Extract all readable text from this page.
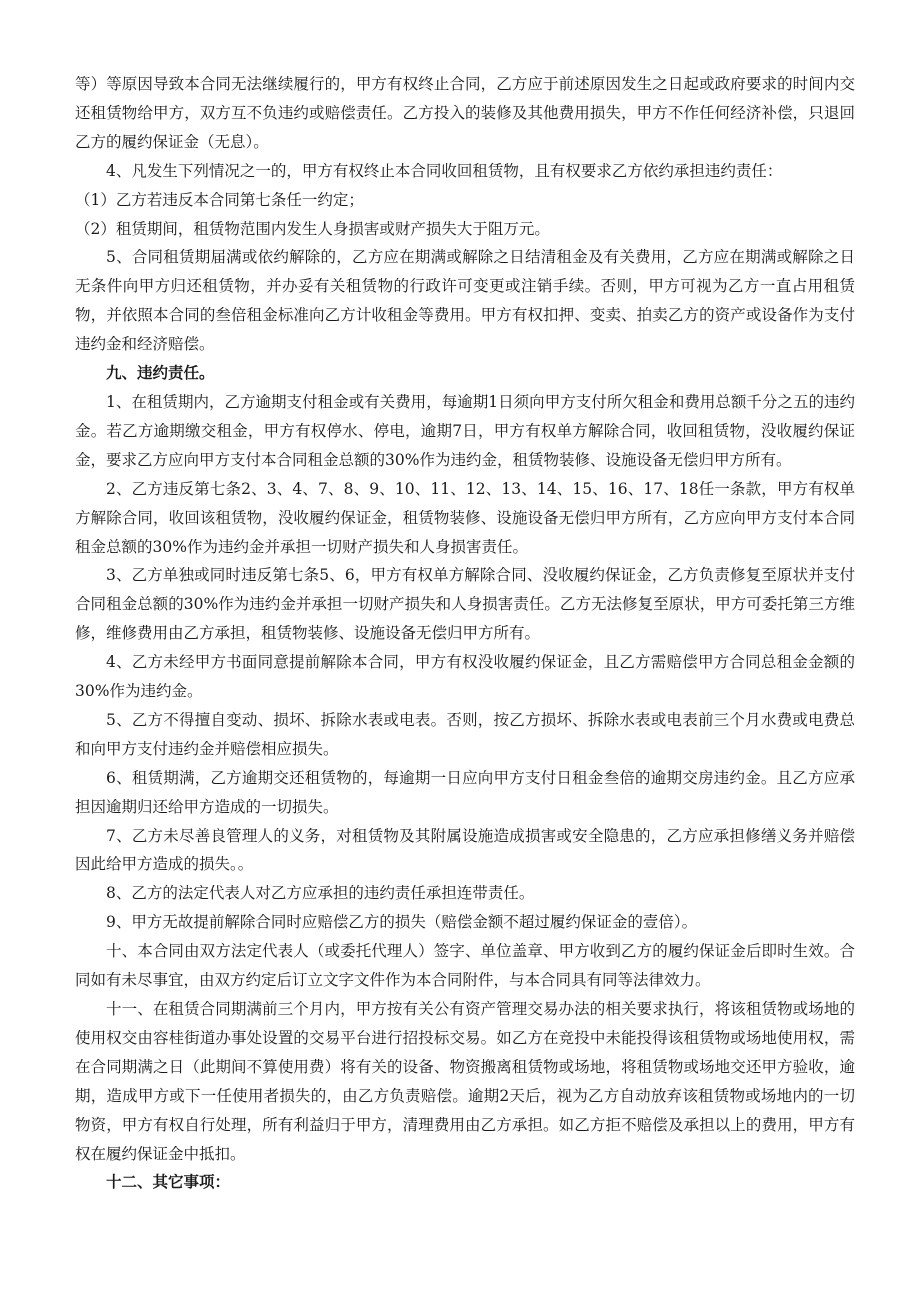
等）等原因导致本合同无法继续履行的，甲方有权终止合同，乙方应于前述原因发生之日起或政府要求的时间内交还租赁物给甲方，双方互不负违约或赔偿责任。乙方投入的装修及其他费用损失，甲方不作任何经济补偿，只退回乙方的履约保证金（无息）。

4、凡发生下列情况之一的，甲方有权终止本合同收回租赁物，且有权要求乙方依约承担违约责任：

（1）乙方若违反本合同第七条任一约定；

（2）租赁期间，租赁物范围内发生人身损害或财产损失大于阻万元。

5、合同租赁期届满或依约解除的，乙方应在期满或解除之日结清租金及有关费用，乙方应在期满或解除之日无条件向甲方归还租赁物，并办妥有关租赁物的行政许可变更或注销手续。否则，甲方可视为乙方一直占用租赁物，并依照本合同的叁倍租金标准向乙方计收租金等费用。甲方有权扣押、变卖、拍卖乙方的资产或设备作为支付违约金和经济赔偿。

九、违约责任。

1、在租赁期内，乙方逾期支付租金或有关费用，每逾期1日须向甲方支付所欠租金和费用总额千分之五的违约金。若乙方逾期缴交租金，甲方有权停水、停电，逾期7日，甲方有权单方解除合同，收回租赁物，没收履约保证金，要求乙方应向甲方支付本合同租金总额的30%作为违约金，租赁物装修、设施设备无偿归甲方所有。

2、乙方违反第七条2、3、4、7、8、9、10、11、12、13、14、15、16、17、18任一条款，甲方有权单方解除合同，收回该租赁物，没收履约保证金，租赁物装修、设施设备无偿归甲方所有，乙方应向甲方支付本合同租金总额的30%作为违约金并承担一切财产损失和人身损害责任。

3、乙方单独或同时违反第七条5、6，甲方有权单方解除合同、没收履约保证金，乙方负责修复至原状并支付合同租金总额的30%作为违约金并承担一切财产损失和人身损害责任。乙方无法修复至原状，甲方可委托第三方维修，维修费用由乙方承担，租赁物装修、设施设备无偿归甲方所有。

4、乙方未经甲方书面同意提前解除本合同，甲方有权没收履约保证金，且乙方需赔偿甲方合同总租金金额的30%作为违约金。

5、乙方不得擅自变动、损坏、拆除水表或电表。否则，按乙方损坏、拆除水表或电表前三个月水费或电费总和向甲方支付违约金并赔偿相应损失。

6、租赁期满，乙方逾期交还租赁物的，每逾期一日应向甲方支付日租金叁倍的逾期交房违约金。且乙方应承担因逾期归还给甲方造成的一切损失。

7、乙方未尽善良管理人的义务，对租赁物及其附属设施造成损害或安全隐患的，乙方应承担修缮义务并赔偿因此给甲方造成的损失。。

8、乙方的法定代表人对乙方应承担的违约责任承担连带责任。

9、甲方无故提前解除合同时应赔偿乙方的损失（赔偿金额不超过履约保证金的壹倍）。

十、本合同由双方法定代表人（或委托代理人）签字、单位盖章、甲方收到乙方的履约保证金后即时生效。合同如有未尽事宜，由双方约定后订立文字文件作为本合同附件，与本合同具有同等法律效力。

十一、在租赁合同期满前三个月内，甲方按有关公有资产管理交易办法的相关要求执行，将该租赁物或场地的使用权交由容桂街道办事处设置的交易平台进行招投标交易。如乙方在竞投中未能投得该租赁物或场地使用权，需在合同期满之日（此期间不算使用费）将有关的设备、物资搬离租赁物或场地，将租赁物或场地交还甲方验收，逾期，造成甲方或下一任使用者损失的，由乙方负责赔偿。逾期2天后，视为乙方自动放弃该租赁物或场地内的一切物资，甲方有权自行处理，所有利益归于甲方，清理费用由乙方承担。如乙方拒不赔偿及承担以上的费用，甲方有权在履约保证金中抵扣。

十二、其它事项：
